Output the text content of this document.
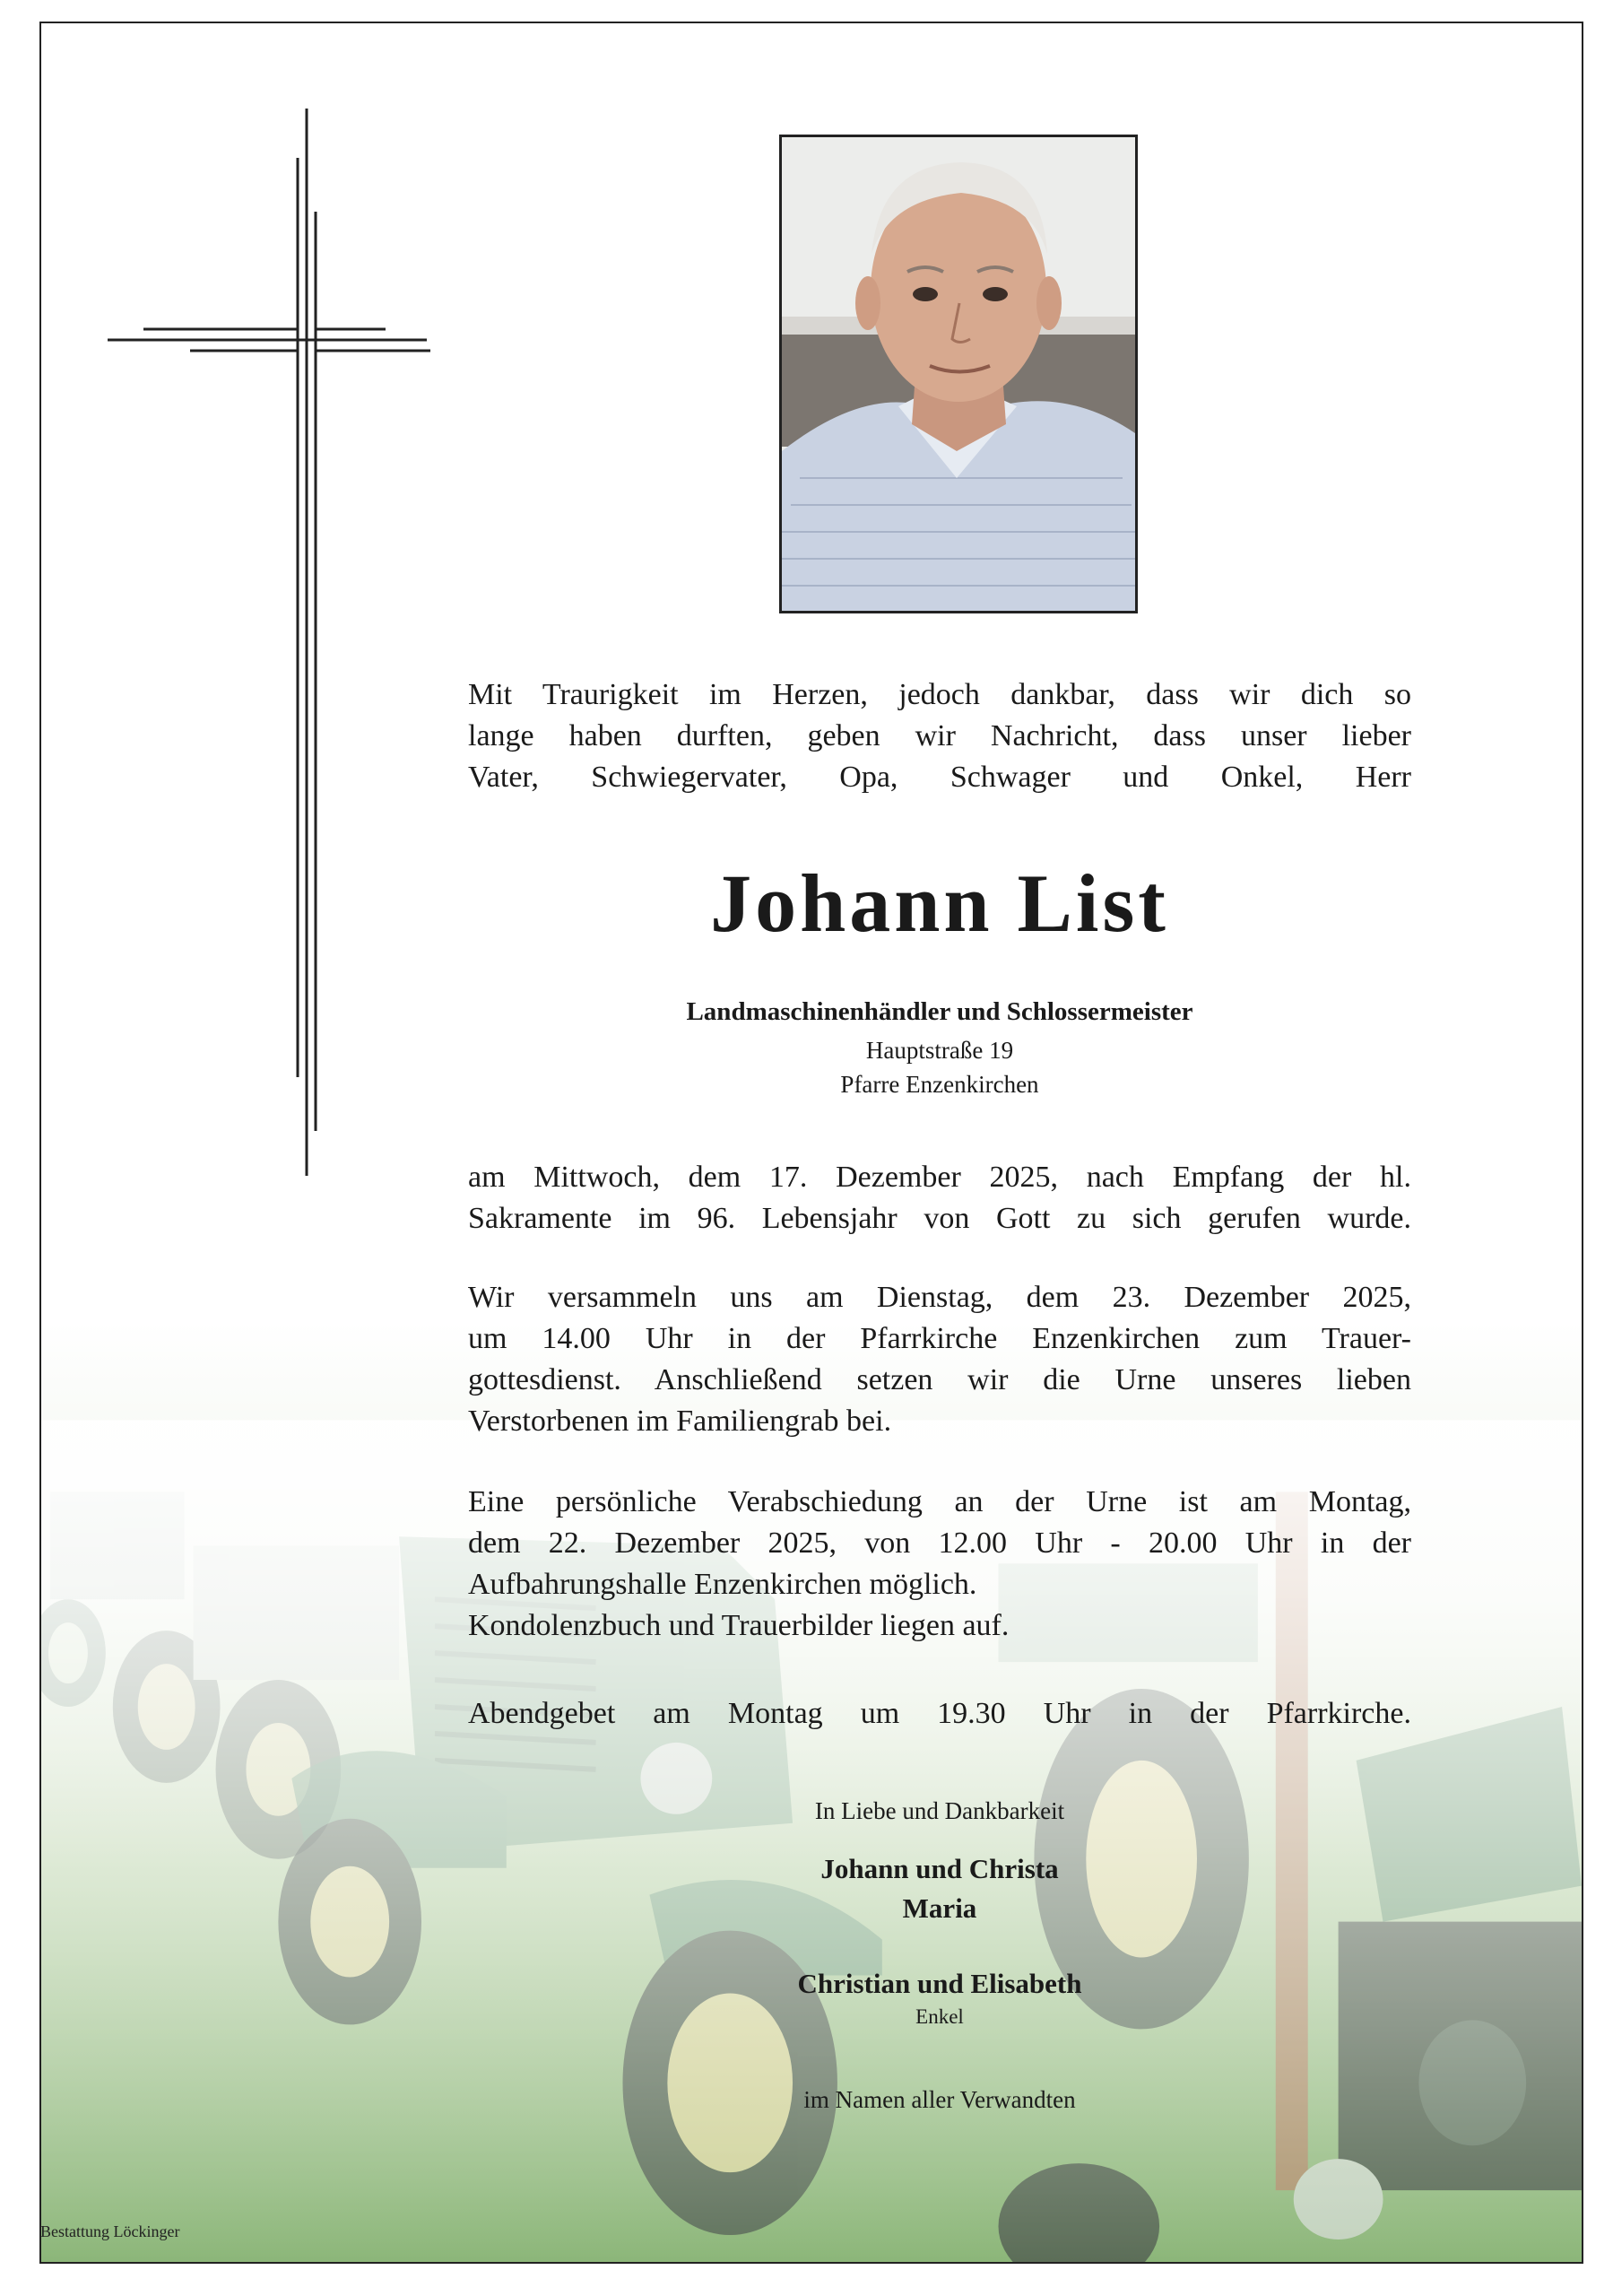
Mit Traurigkeit im Herzen, jedoch dankbar, dass wir dich so
lange haben durften, geben wir Nachricht, dass unser lieber
Vater, Schwiegervater, Opa, Schwager und Onkel, Herr
Johann List
Landmaschinenhändler und Schlossermeister
Hauptstraße 19
Pfarre Enzenkirchen
am Mittwoch, dem 17. Dezember 2025, nach Empfang der hl.
Sakramente im 96. Lebensjahr von Gott zu sich gerufen wurde.
Wir versammeln uns am Dienstag, dem 23. Dezember 2025,
um 14.00 Uhr in der Pfarrkirche Enzenkirchen zum Trauer-
gottesdienst. Anschließend setzen wir die Urne unseres lieben
Verstorbenen im Familiengrab bei.
Eine persönliche Verabschiedung an der Urne ist am Montag,
dem 22. Dezember 2025, von 12.00 Uhr - 20.00 Uhr in der
Aufbahrungshalle Enzenkirchen möglich.
Kondolenzbuch und Trauerbilder liegen auf.
Abendgebet am Montag um 19.30 Uhr in der Pfarrkirche.
In Liebe und Dankbarkeit
Johann und Christa
Maria
Christian und Elisabeth
Enkel
im Namen aller Verwandten
Bestattung Löckinger
